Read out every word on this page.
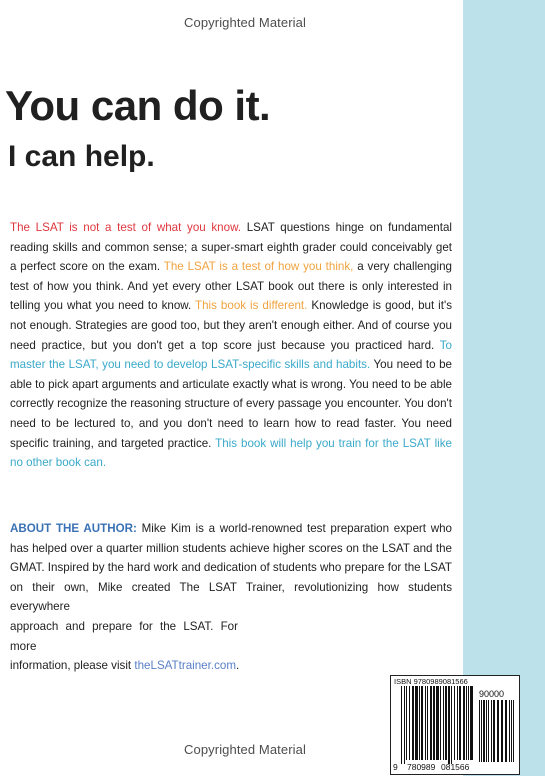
Copyrighted Material
You can do it.
I can help.

The LSAT is not a test of what you know. LSAT questions hinge on fundamental reading skills and common sense; a super-smart eighth grader could conceivably get a perfect score on the exam. The LSAT is a test of how you think, a very challenging test of how you think. And yet every other LSAT book out there is only interested in telling you what you need to know. This book is different. Knowledge is good, but it's not enough. Strategies are good too, but they aren't enough either. And of course you need practice, but you don't get a top score just because you practiced hard. To master the LSAT, you need to develop LSAT-specific skills and habits. You need to be able to pick apart arguments and articulate exactly what is wrong. You need to be able correctly recognize the reasoning structure of every passage you encounter. You don't need to be lectured to, and you don't need to learn how to read faster. You need specific training, and targeted practice. This book will help you train for the LSAT like no other book can.

ABOUT THE AUTHOR: Mike Kim is a world-renowned test preparation expert who has helped over a quarter million students achieve higher scores on the LSAT and the GMAT. Inspired by the hard work and dedication of students who prepare for the LSAT on their own, Mike created The LSAT Trainer, revolutionizing how students everywhere
approach and prepare for the LSAT. For more
information, please visit theLSATtrainer.com.

ISBN 9780989081566
90000
9 780989 081566
Copyrighted Material
